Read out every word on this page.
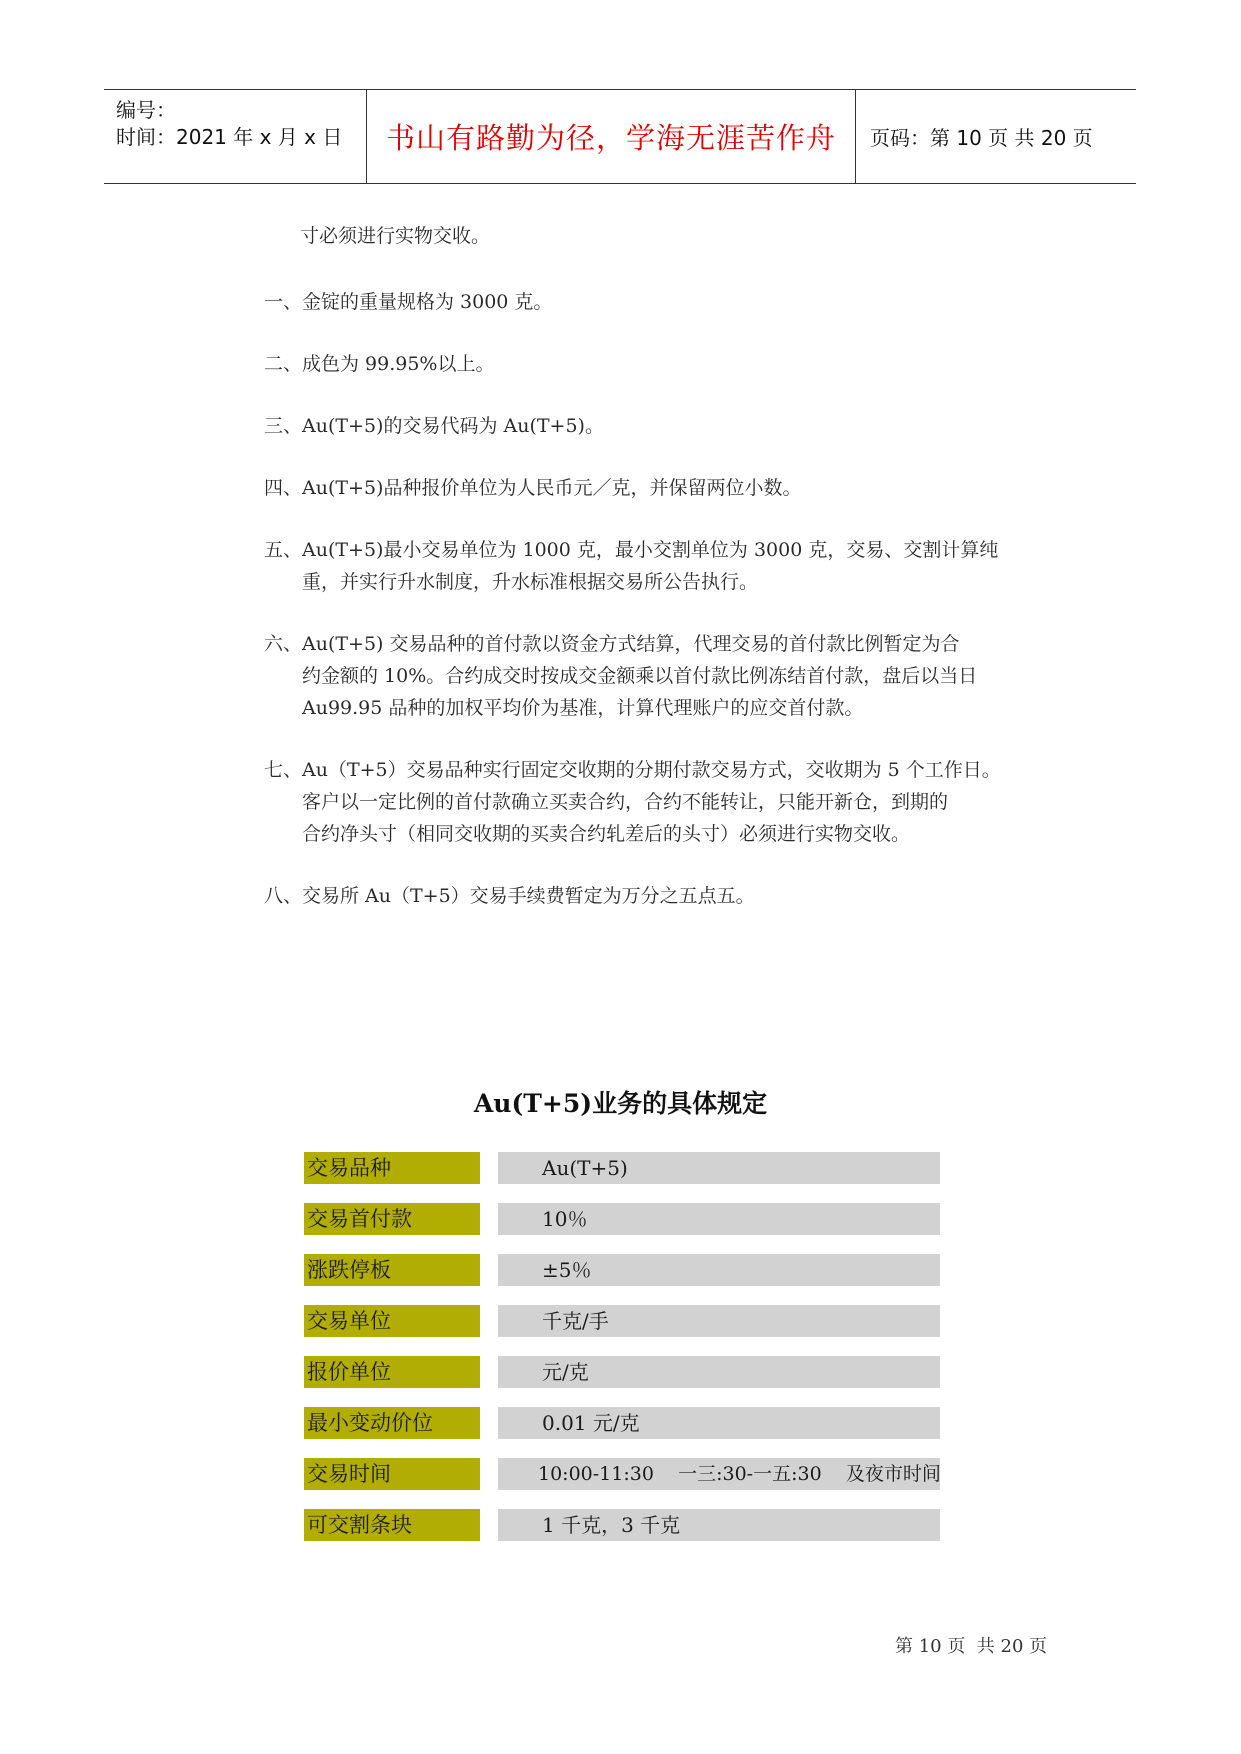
编号：
时间：2021 年 x 月 x 日	书山有路勤为径，学海无涯苦作舟	页码：第 10 页 共 20 页
寸必须进行实物交收。
一、金锭的重量规格为 3000 克。
二、成色为 99.95%以上。
三、Au(T+5)的交易代码为 Au(T+5)。
四、Au(T+5)品种报价单位为人民币元／克，并保留两位小数。
五、Au(T+5)最小交易单位为 1000 克，最小交割单位为 3000 克，交易、交割计算纯
重，并实行升水制度，升水标准根据交易所公告执行。
六、Au(T+5) 交易品种的首付款以资金方式结算，代理交易的首付款比例暂定为合
约金额的 10%。合约成交时按成交金额乘以首付款比例冻结首付款，盘后以当日
Au99.95 品种的加权平均价为基准，计算代理账户的应交首付款。
七、Au（T+5）交易品种实行固定交收期的分期付款交易方式，交收期为 5 个工作日。
客户以一定比例的首付款确立买卖合约，合约不能转让，只能开新仓，到期的
合约净头寸（相同交收期的买卖合约轧差后的头寸）必须进行实物交收。
八、交易所 Au（T+5）交易手续费暂定为万分之五点五。
Au(T+5)业务的具体规定
交易品种	Au(T+5)
交易首付款	10％
涨跌停板	±5％
交易单位	千克/手
报价单位	元/克
最小变动价位	0.01 元/克
交易时间	10:00-11:30    一三:30-一五:30    及夜市时间
可交割条块	1 千克，3 千克
第 10 页  共 20 页
